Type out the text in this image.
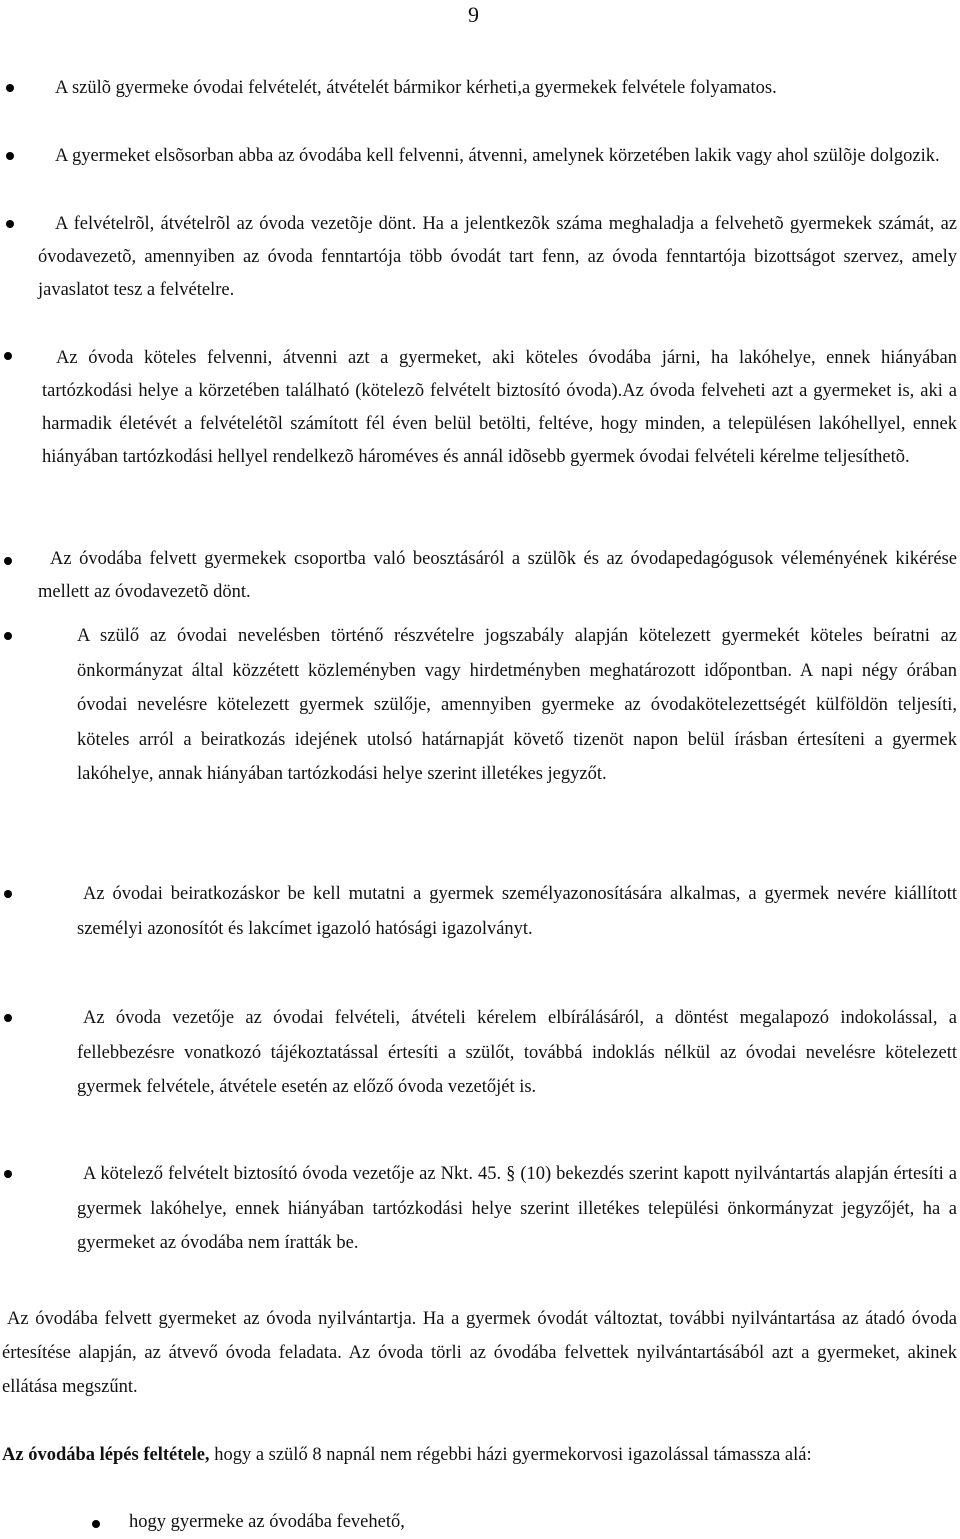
9

A szülõ gyermeke óvodai felvételét, átvételét bármikor kérheti,a gyermekek felvétele folyamatos.

A gyermeket elsõsorban abba az óvodába kell felvenni, átvenni, amelynek körzetében lakik vagy ahol szülõje dolgozik.

A felvételrõl, átvételrõl az óvoda vezetõje dönt. Ha a jelentkezõk száma meghaladja a felvehetõ gyermekek számát, az óvodavezetõ, amennyiben az óvoda fenntartója több óvodát tart fenn, az óvoda fenntartója bizottságot szervez, amely javaslatot tesz a felvételre.

Az óvoda köteles felvenni, átvenni azt a gyermeket, aki köteles óvodába járni, ha lakóhelye, ennek hiányában tartózkodási helye a körzetében található (kötelezõ felvételt biztosító óvoda).Az óvoda felveheti azt a gyermeket is, aki a harmadik életévét a felvételétõl számított fél éven belül betölti, feltéve, hogy minden, a településen lakóhellyel, ennek hiányában tartózkodási hellyel rendelkezõ hároméves és annál idõsebb gyermek óvodai felvételi kérelme teljesíthetõ.

Az óvodába felvett gyermekek csoportba való beosztásáról a szülõk és az óvodapedagógusok véleményének kikérése mellett az óvodavezetõ dönt.

A szülő az óvodai nevelésben történő részvételre jogszabály alapján kötelezett gyermekét köteles beíratni az önkormányzat által közzétett közleményben vagy hirdetményben meghatározott időpontban. A napi négy órában óvodai nevelésre kötelezett gyermek szülője, amennyiben gyermeke az óvodakötelezettségét külföldön teljesíti, köteles arról a beiratkozás idejének utolsó határnapját követő tizenöt napon belül írásban értesíteni a gyermek lakóhelye, annak hiányában tartózkodási helye szerint illetékes jegyzőt.

Az óvodai beiratkozáskor be kell mutatni a gyermek személyazonosítására alkalmas, a gyermek nevére kiállított személyi azonosítót és lakcímet igazoló hatósági igazolványt.

Az óvoda vezetője az óvodai felvételi, átvételi kérelem elbírálásáról, a döntést megalapozó indokolással, a fellebbezésre vonatkozó tájékoztatással értesíti a szülőt, továbbá indoklás nélkül az óvodai nevelésre kötelezett gyermek felvétele, átvétele esetén az előző óvoda vezetőjét is.

A kötelező felvételt biztosító óvoda vezetője az Nkt. 45. § (10) bekezdés szerint kapott nyilvántartás alapján értesíti a gyermek lakóhelye, ennek hiányában tartózkodási helye szerint illetékes települési önkormányzat jegyzőjét, ha a gyermeket az óvodába nem íratták be.

Az óvodába felvett gyermeket az óvoda nyilvántartja. Ha a gyermek óvodát változtat, további nyilvántartása az átadó óvoda értesítése alapján, az átvevő óvoda feladata. Az óvoda törli az óvodába felvettek nyilvántartásából azt a gyermeket, akinek ellátása megszűnt.

Az óvodába lépés feltétele, hogy a szülő 8 napnál nem régebbi házi gyermekorvosi igazolással támassza alá:

hogy gyermeke az óvodába fevehető,
